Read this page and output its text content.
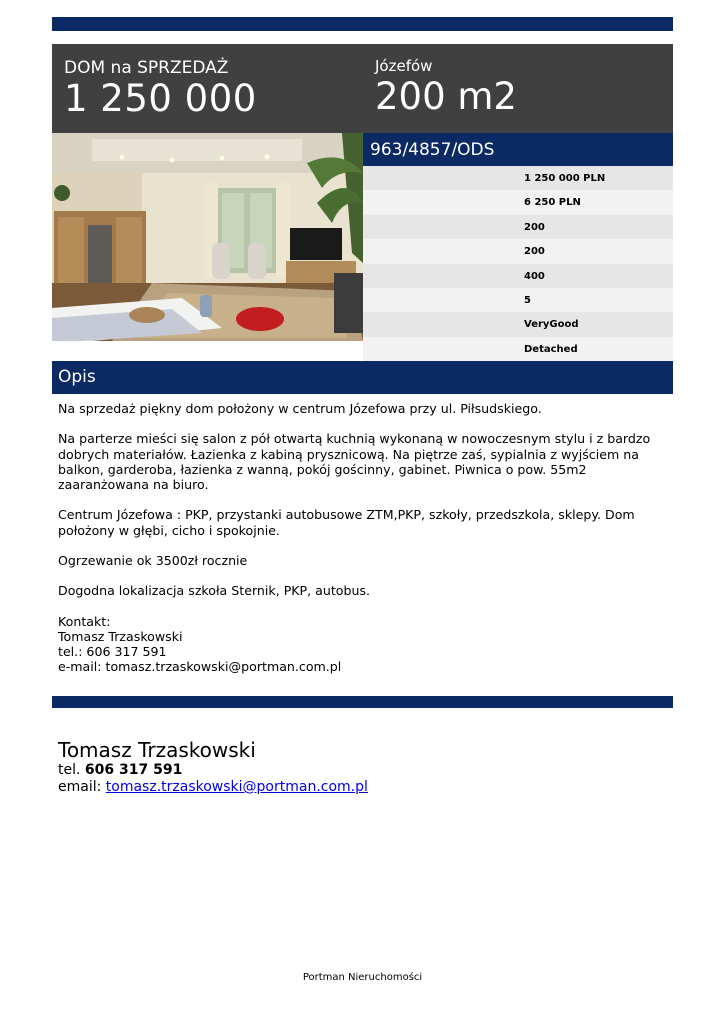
DOM na SPRZEDAŻ
1 250 000
Józefów
200 m2
963/4857/ODS
1 250 000 PLN
6 250 PLN
200
200
400
5
VeryGood
Detached
Opis

Na sprzedaż piękny dom położony w centrum Józefowa przy ul. Piłsudskiego.

Na parterze mieści się salon z pół otwartą kuchnią wykonaną w nowoczesnym stylu i z bardzo dobrych materiałów. Łazienka z kabiną prysznicową. Na piętrze zaś, sypialnia z wyjściem na balkon, garderoba, łazienka z wanną, pokój gościnny, gabinet. Piwnica o pow. 55m2 zaaranżowana na biuro.

Centrum Józefowa : PKP, przystanki autobusowe ZTM,PKP, szkoły, przedszkola, sklepy. Dom położony w głębi, cicho i spokojnie.

Ogrzewanie ok 3500zł rocznie

Dogodna lokalizacja szkoła Sternik, PKP, autobus.

Kontakt:
Tomasz Trzaskowski
tel.: 606 317 591
e-mail: tomasz.trzaskowski@portman.com.pl

Tomasz Trzaskowski
tel. 606 317 591
email: tomasz.trzaskowski@portman.com.pl
Portman Nieruchomości
